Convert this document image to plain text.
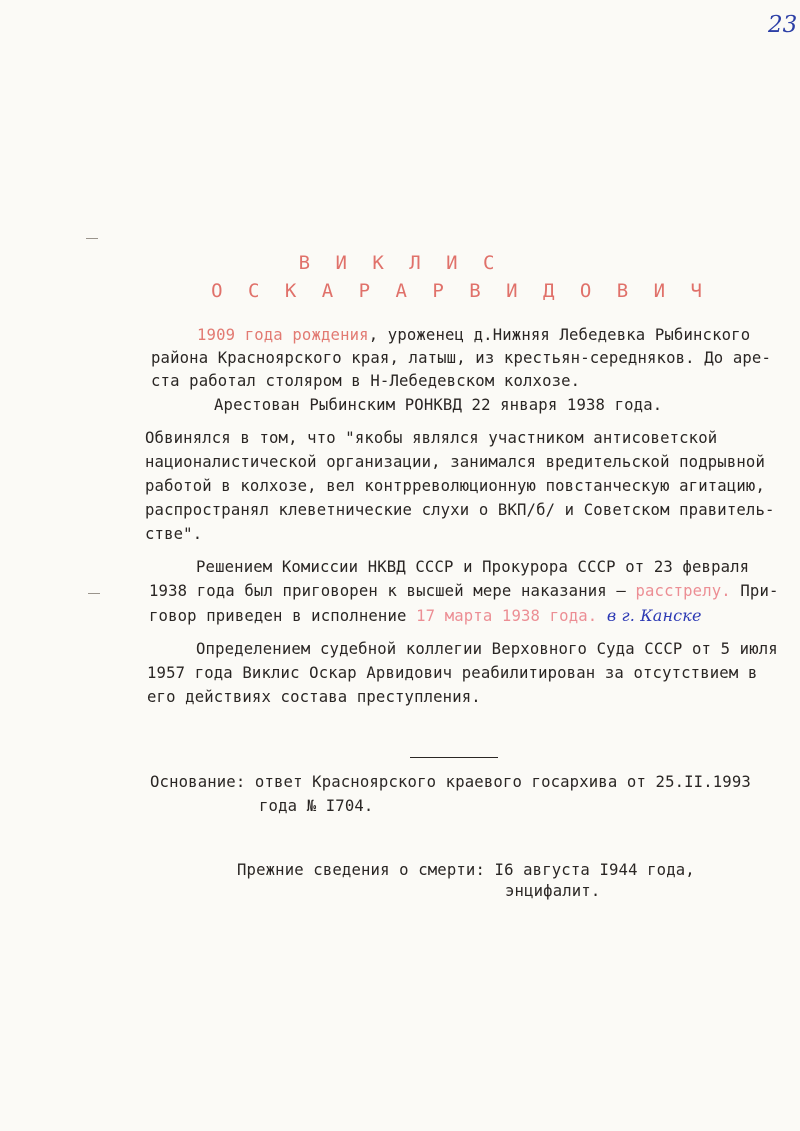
23
В И К Л И С
О С К А Р А Р В И Д О В И Ч
1909 года рождения, уроженец д.Нижняя Лебедевка Рыбинского
района Красноярского края, латыш, из крестьян-середняков. До аре-
ста работал столяром в Н-Лебедевском колхозе.
Арестован Рыбинским РОНКВД 22 января 1938 года.
Обвинялся в том, что "якобы являлся участником антисоветской
националистической организации, занимался вредительской подрывной
работой в колхозе, вел контрреволюционную повстанческую агитацию,
распространял клеветнические слухи о ВКП/б/ и Советском правитель-
стве".
Решением Комиссии НКВД СССР и Прокурора СССР от 23 февраля
1938 года был приговорен к высшей мере наказания – расстрелу. При-
говор приведен в исполнение 17 марта 1938 года. в г. Канске
Определением судебной коллегии Верховного Суда СССР от 5 июля
1957 года Виклис Оскар Арвидович реабилитирован за отсутствием в
его действиях состава преступления.
Основание: ответ Красноярского краевого госархива от 25.II.1993
года № I704.
Прежние сведения о смерти: I6 августа I944 года,
энцифалит.
